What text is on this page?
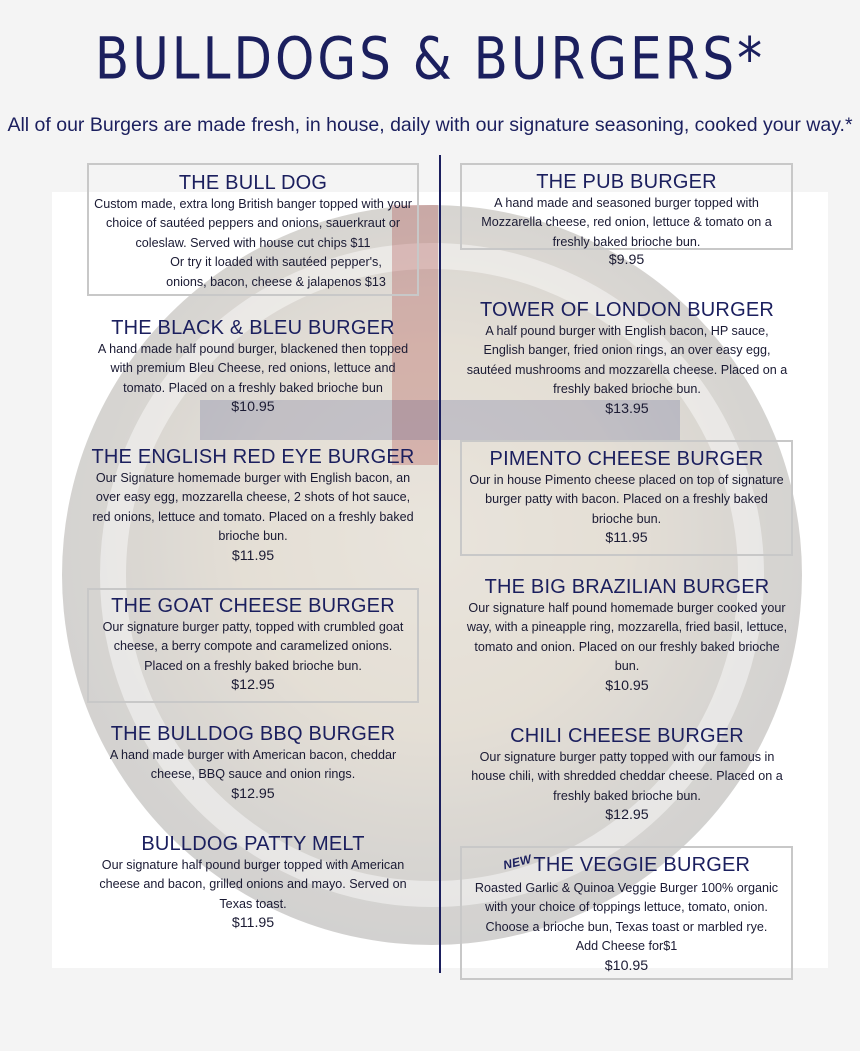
BULLDOGS & BURGERS*
All of our Burgers are made fresh, in house, daily with our signature seasoning, cooked your way.*
THE BULL DOG

Custom made, extra long British banger topped with your choice of sautéed peppers and onions, sauerkraut or coleslaw. Served with house cut chips $11

Or try it loaded with sautéed pepper's, onions, bacon, cheese & jalapenos $13

THE BLACK & BLEU BURGER

A hand made half pound burger, blackened then topped with premium Bleu Cheese, red onions, lettuce and tomato. Placed on a freshly baked brioche bun

$10.95

THE ENGLISH RED EYE BURGER

Our Signature homemade burger with English bacon, an over easy egg, mozzarella cheese, 2 shots of hot sauce, red onions, lettuce and tomato. Placed on a freshly baked brioche bun.

$11.95

THE GOAT CHEESE BURGER

Our signature burger patty, topped with crumbled goat cheese, a berry compote and caramelized onions. Placed on a freshly baked brioche bun.

$12.95

THE BULLDOG BBQ BURGER

A hand made burger with American bacon, cheddar cheese, BBQ sauce and onion rings.

$12.95

BULLDOG PATTY MELT

Our signature half pound burger topped with American cheese and bacon, grilled onions and mayo. Served on Texas toast.

$11.95

THE PUB BURGER

A hand made and seasoned burger topped with Mozzarella cheese, red onion, lettuce & tomato on a freshly baked brioche bun.

$9.95

TOWER OF LONDON BURGER

A half pound burger with English bacon, HP sauce, English banger, fried onion rings, an over easy egg, sautéed mushrooms and mozzarella cheese. Placed on a freshly baked brioche bun.

$13.95

PIMENTO CHEESE BURGER

Our in house Pimento cheese placed on top of signature burger patty with bacon. Placed on a freshly baked brioche bun.

$11.95

THE BIG BRAZILIAN BURGER

Our signature half pound homemade burger cooked your way, with a pineapple ring, mozzarella, fried basil, lettuce, tomato and onion. Placed on our freshly baked brioche bun.

$10.95

CHILI CHEESE BURGER

Our signature burger patty topped with our famous in house chili, with shredded cheddar cheese. Placed on a freshly baked brioche bun.

$12.95

NEWTHE VEGGIE BURGER

Roasted Garlic & Quinoa Veggie Burger 100% organic with your choice of toppings lettuce, tomato, onion. Choose a brioche bun, Texas toast or marbled rye.

Add Cheese for$1

$10.95
